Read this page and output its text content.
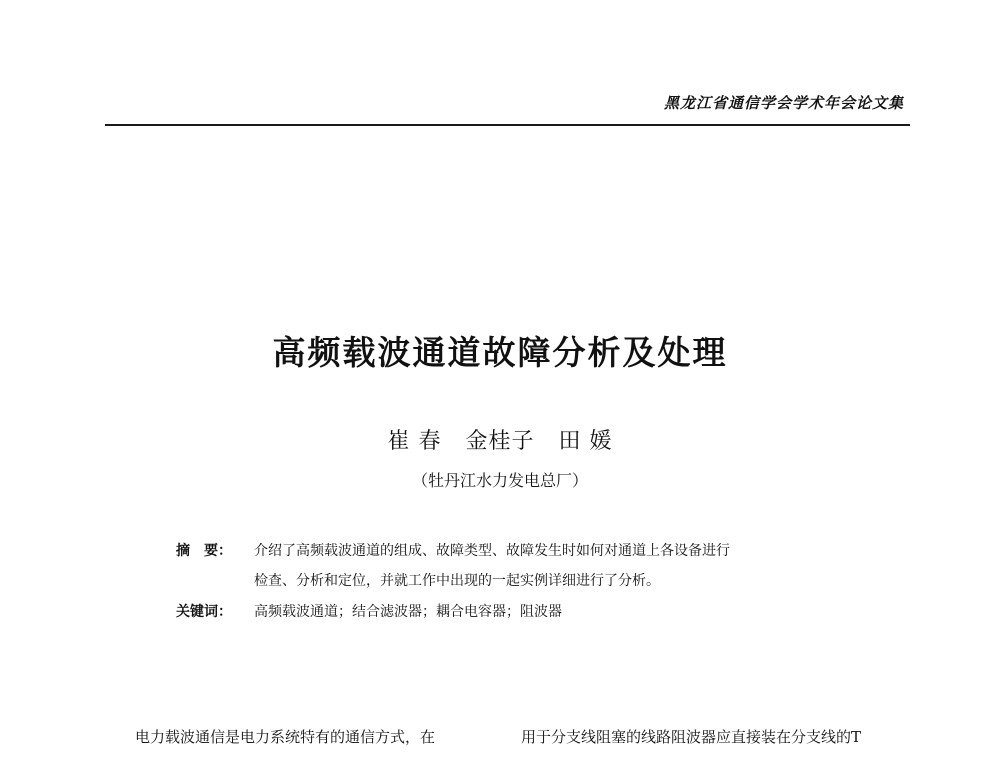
黑龙江省通信学会学术年会论文集
高频载波通道故障分析及处理
崔 春   金桂子   田 媛
（牡丹江水力发电总厂）
摘　要： 介绍了高频载波通道的组成、故障类型、故障发生时如何对通道上各设备进行
检查、分析和定位，并就工作中出现的一起实例详细进行了分析。
关键词： 高频载波通道；结合滤波器；耦合电容器；阻波器
电力载波通信是电力系统特有的通信方式，在	用于分支线阻塞的线路阻波器应直接装在分支线的T
